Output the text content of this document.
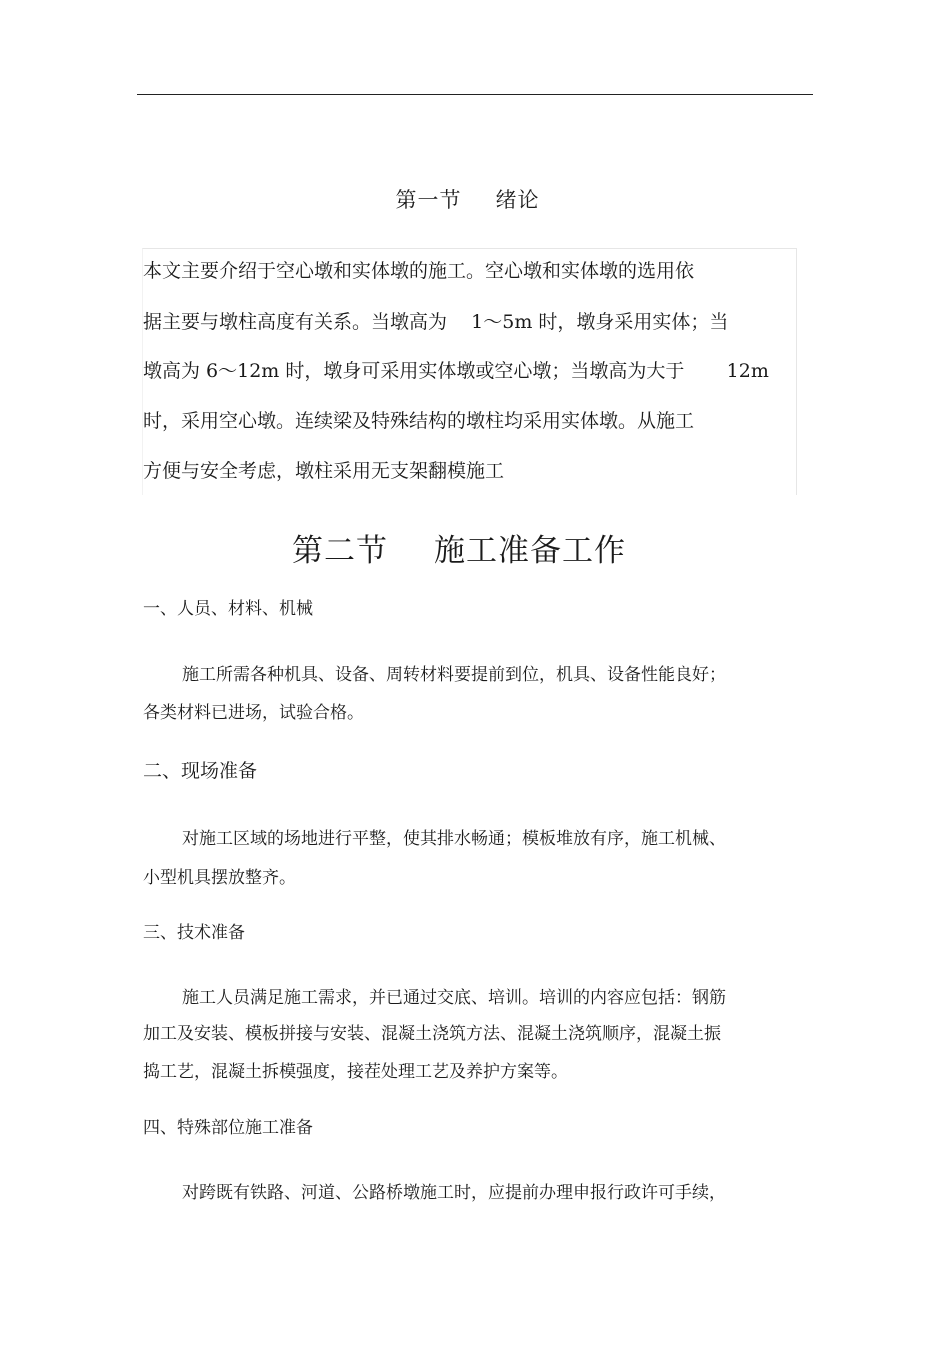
第一节 绪论
本文主要介绍于空心墩和实体墩的施工。空心墩和实体墩的选用依
据主要与墩柱高度有关系。当墩高为    1～5m 时，墩身采用实体；当
墩高为 6～12m 时，墩身可采用实体墩或空心墩；当墩高为大于       12m
时，采用空心墩。连续梁及特殊结构的墩柱均采用实体墩。从施工
方便与安全考虑，墩柱采用无支架翻模施工
第二节 施工准备工作
一、人员、材料、机械
施工所需各种机具、设备、周转材料要提前到位，机具、设备性能良好；
各类材料已进场，试验合格。
二、现场准备
对施工区域的场地进行平整，使其排水畅通；模板堆放有序，施工机械、
小型机具摆放整齐。
三、技术准备
施工人员满足施工需求，并已通过交底、培训。培训的内容应包括：钢筋
加工及安装、模板拼接与安装、混凝土浇筑方法、混凝土浇筑顺序，混凝土振
捣工艺，混凝土拆模强度，接茬处理工艺及养护方案等。
四、特殊部位施工准备
对跨既有铁路、河道、公路桥墩施工时，应提前办理申报行政许可手续，
